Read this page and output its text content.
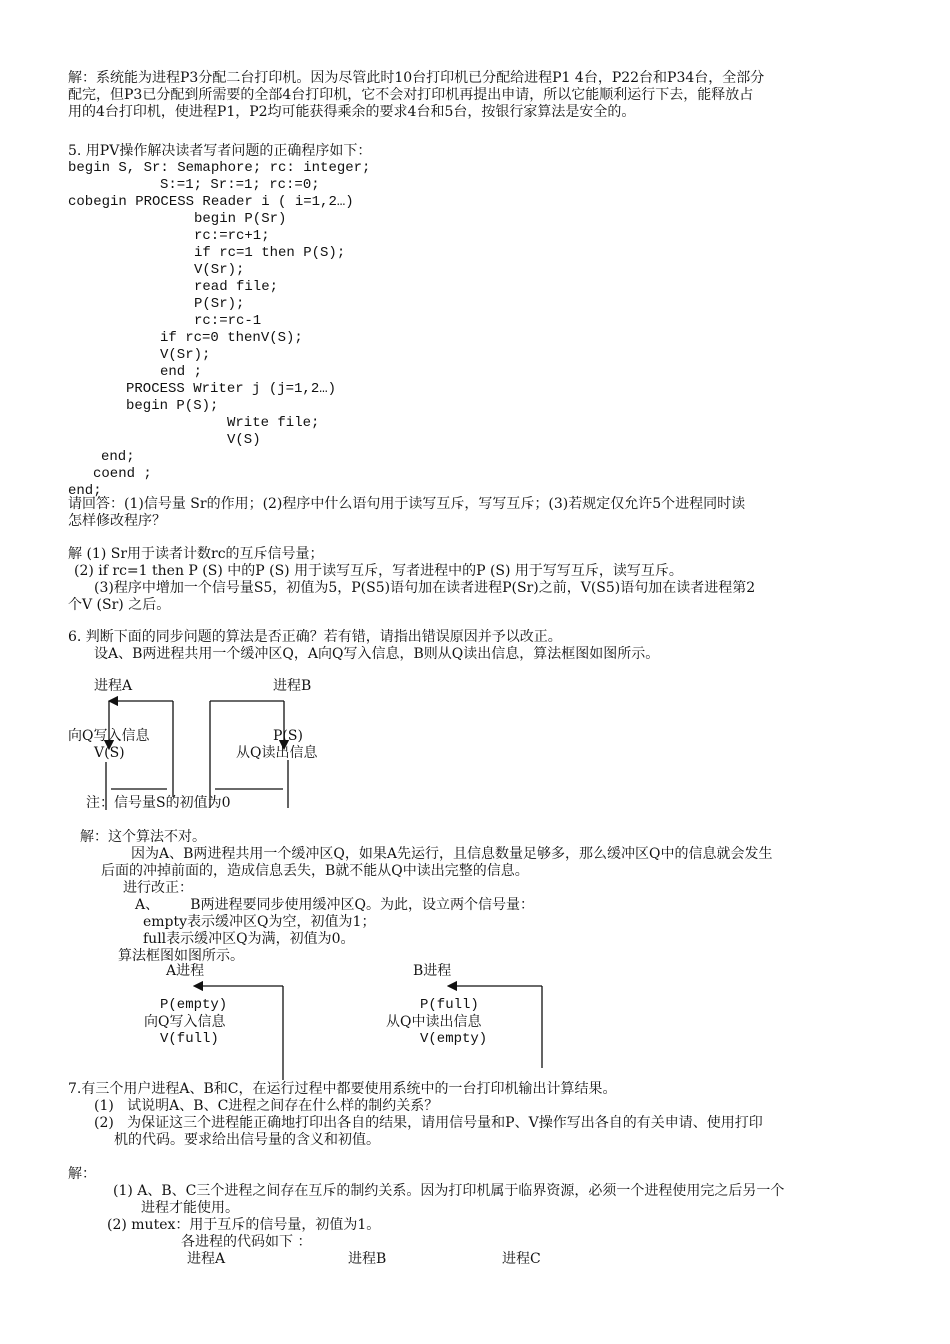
解：系统能为进程P3分配二台打印机。因为尽管此时10台打印机已分配给进程P1 4台，P22台和P34台，全部分
配完，但P3已分配到所需要的全部4台打印机，它不会对打印机再提出申请，所以它能顺利运行下去，能释放占
用的4台打印机，使进程P1，P2均可能获得乘余的要求4台和5台，按银行家算法是安全的。
5. 用PV操作解决读者写者问题的正确程序如下：
begin S, Sr: Semaphore; rc: integer;
S:=1; Sr:=1; rc:=0;
cobegin PROCESS Reader i ( i=1,2…)
begin P(Sr)
rc:=rc+1;
if rc=1 then P(S);
V(Sr);
read file;
P(Sr);
rc:=rc-1
if rc=0 thenV(S);
V(Sr);
end ;
PROCESS Writer j (j=1,2…)
begin P(S);
Write file;
V(S)
end;
coend ;
end;
请回答：(1)信号量 Sr的作用；(2)程序中什么语句用于读写互斥，写写互斥；(3)若规定仅允许5个进程同时读
怎样修改程序？
解 (1) Sr用于读者计数rc的互斥信号量；
(2) if rc=1 then P (S) 中的P (S) 用于读写互斥，写者进程中的P (S) 用于写写互斥，读写互斥。
(3)程序中增加一个信号量S5，初值为5，P(S5)语句加在读者进程P(Sr)之前，V(S5)语句加在读者进程第2
个V (Sr) 之后。
6. 判断下面的同步问题的算法是否正确？若有错，请指出错误原因并予以改正。
设A、B两进程共用一个缓冲区Q，A向Q写入信息，B则从Q读出信息，算法框图如图所示。
进程A	进程B
向Q写入信息
V(S)
P(S)
从Q读出信息
注：信号量S的初值为0
解：这个算法不对。
因为A、B两进程共用一个缓冲区Q，如果A先运行，且信息数量足够多，那么缓冲区Q中的信息就会发生
后面的冲掉前面的，造成信息丢失，B就不能从Q中读出完整的信息。
进行改正：
A、       B两进程要同步使用缓冲区Q。为此，设立两个信号量：
empty表示缓冲区Q为空，初值为1；
full表示缓冲区Q为满，初值为0。
算法框图如图所示。
A进程	B进程
P(empty)
向Q写入信息
V(full)
P(full)
从Q中读出信息
V(empty)
7.有三个用户进程A、B和C，在运行过程中都要使用系统中的一台打印机输出计算结果。
(1)   试说明A、B、C进程之间存在什么样的制约关系？
(2)   为保证这三个进程能正确地打印出各自的结果，请用信号量和P、V操作写出各自的有关申请、使用打印
机的代码。要求给出信号量的含义和初值。
解：
(1) A、B、C三个进程之间存在互斥的制约关系。因为打印机属于临界资源，必须一个进程使用完之后另一个
进程才能使用。
(2) mutex：用于互斥的信号量，初值为1。
各进程的代码如下 ：
进程A	进程B	进程C
